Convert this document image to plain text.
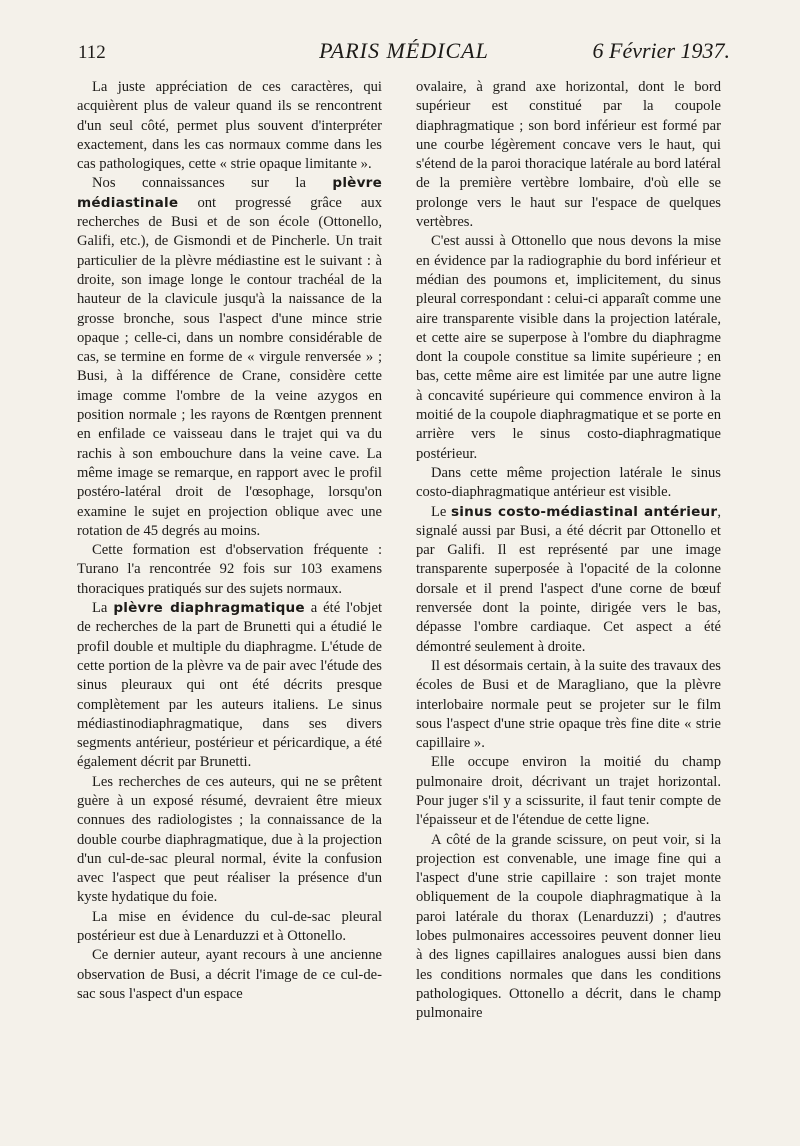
112	PARIS MÉDICAL	6 Février 1937.

La juste appréciation de ces caractères, qui acquièrent plus de valeur quand ils se rencontrent d'un seul côté, permet plus souvent d'interpréter exactement, dans les cas normaux comme dans les cas pathologiques, cette « strie opaque limitante ».

Nos connaissances sur la plèvre médiastinale ont progressé grâce aux recherches de Busi et de son école (Ottonello, Galifi, etc.), de Gismondi et de Pincherle. Un trait particulier de la plèvre médiastine est le suivant : à droite, son image longe le contour trachéal de la hauteur de la clavicule jusqu'à la naissance de la grosse bronche, sous l'aspect d'une mince strie opaque ; celle-ci, dans un nombre considérable de cas, se termine en forme de « virgule renversée » ; Busi, à la différence de Crane, considère cette image comme l'ombre de la veine azygos en position normale ; les rayons de Rœntgen prennent en enfilade ce vaisseau dans le trajet qui va du rachis à son embouchure dans la veine cave. La même image se remarque, en rapport avec le profil postéro-latéral droit de l'œsophage, lorsqu'on examine le sujet en projection oblique avec une rotation de 45 degrés au moins.

Cette formation est d'observation fréquente : Turano l'a rencontrée 92 fois sur 103 examens thoraciques pratiqués sur des sujets normaux.

La plèvre diaphragmatique a été l'objet de recherches de la part de Brunetti qui a étudié le profil double et multiple du diaphragme. L'étude de cette portion de la plèvre va de pair avec l'étude des sinus pleuraux qui ont été décrits presque complètement par les auteurs italiens. Le sinus médiastinodiaphragmatique, dans ses divers segments antérieur, postérieur et péricardique, a été également décrit par Brunetti.

Les recherches de ces auteurs, qui ne se prêtent guère à un exposé résumé, devraient être mieux connues des radiologistes ; la connaissance de la double courbe diaphragmatique, due à la projection d'un cul-de-sac pleural normal, évite la confusion avec l'aspect que peut réaliser la présence d'un kyste hydatique du foie.

La mise en évidence du cul-de-sac pleural postérieur est due à Lenarduzzi et à Ottonello.

Ce dernier auteur, ayant recours à une ancienne observation de Busi, a décrit l'image de ce cul-de-sac sous l'aspect d'un espace

ovalaire, à grand axe horizontal, dont le bord supérieur est constitué par la coupole diaphragmatique ; son bord inférieur est formé par une courbe légèrement concave vers le haut, qui s'étend de la paroi thoracique latérale au bord latéral de la première vertèbre lombaire, d'où elle se prolonge vers le haut sur l'espace de quelques vertèbres.

C'est aussi à Ottonello que nous devons la mise en évidence par la radiographie du bord inférieur et médian des poumons et, implicitement, du sinus pleural correspondant : celui-ci apparaît comme une aire transparente visible dans la projection latérale, et cette aire se superpose à l'ombre du diaphragme dont la coupole constitue sa limite supérieure ; en bas, cette même aire est limitée par une autre ligne à concavité supérieure qui commence environ à la moitié de la coupole diaphragmatique et se porte en arrière vers le sinus costo-diaphragmatique postérieur.

Dans cette même projection latérale le sinus costo-diaphragmatique antérieur est visible.

Le sinus costo-médiastinal antérieur, signalé aussi par Busi, a été décrit par Ottonello et par Galifi. Il est représenté par une image transparente superposée à l'opacité de la colonne dorsale et il prend l'aspect d'une corne de bœuf renversée dont la pointe, dirigée vers le bas, dépasse l'ombre cardiaque. Cet aspect a été démontré seulement à droite.

Il est désormais certain, à la suite des travaux des écoles de Busi et de Maragliano, que la plèvre interlobaire normale peut se projeter sur le film sous l'aspect d'une strie opaque très fine dite « strie capillaire ».

Elle occupe environ la moitié du champ pulmonaire droit, décrivant un trajet horizontal. Pour juger s'il y a scissurite, il faut tenir compte de l'épaisseur et de l'étendue de cette ligne.

A côté de la grande scissure, on peut voir, si la projection est convenable, une image fine qui a l'aspect d'une strie capillaire : son trajet monte obliquement de la coupole diaphragmatique à la paroi latérale du thorax (Lenarduzzi) ; d'autres lobes pulmonaires accessoires peuvent donner lieu à des lignes capillaires analogues aussi bien dans les conditions normales que dans les conditions pathologiques. Ottonello a décrit, dans le champ pulmonaire
